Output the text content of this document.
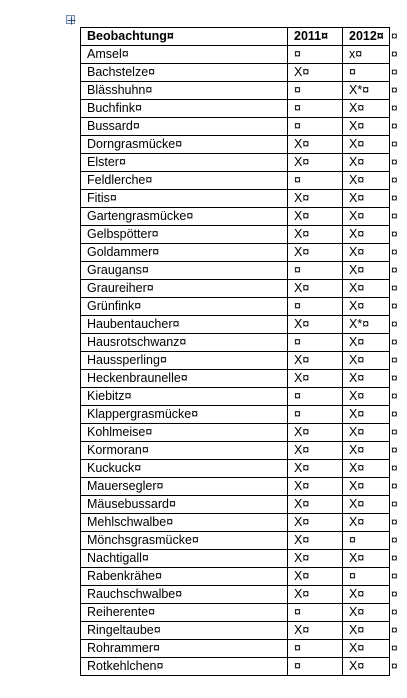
Beobachtung¤	2011¤	2012¤
Amsel¤	¤	x¤
Bachstelze¤	X¤	¤
Blässhuhn¤	¤	X*¤
Buchfink¤	¤	X¤
Bussard¤	¤	X¤
Dorngrasmücke¤	X¤	X¤
Elster¤	X¤	X¤
Feldlerche¤	¤	X¤
Fitis¤	X¤	X¤
Gartengrasmücke¤	X¤	X¤
Gelbspötter¤	X¤	X¤
Goldammer¤	X¤	X¤
Graugans¤	¤	X¤
Graureiher¤	X¤	X¤
Grünfink¤	¤	X¤
Haubentaucher¤	X¤	X*¤
Hausrotschwanz¤	¤	X¤
Haussperling¤	X¤	X¤
Heckenbraunelle¤	X¤	X¤
Kiebitz¤	¤	X¤
Klappergrasmücke¤	¤	X¤
Kohlmeise¤	X¤	X¤
Kormoran¤	X¤	X¤
Kuckuck¤	X¤	X¤
Mauersegler¤	X¤	X¤
Mäusebussard¤	X¤	X¤
Mehlschwalbe¤	X¤	X¤
Mönchsgrasmücke¤	X¤	¤
Nachtigall¤	X¤	X¤
Rabenkrähe¤	X¤	¤
Rauchschwalbe¤	X¤	X¤
Reiherente¤	¤	X¤
Ringeltaube¤	X¤	X¤
Rohrammer¤	¤	X¤
Rotkehlchen¤	¤	X¤
¤
¤
¤
¤
¤
¤
¤
¤
¤
¤
¤
¤
¤
¤
¤
¤
¤
¤
¤
¤
¤
¤
¤
¤
¤
¤
¤
¤
¤
¤
¤
¤
¤
¤
¤
¤
